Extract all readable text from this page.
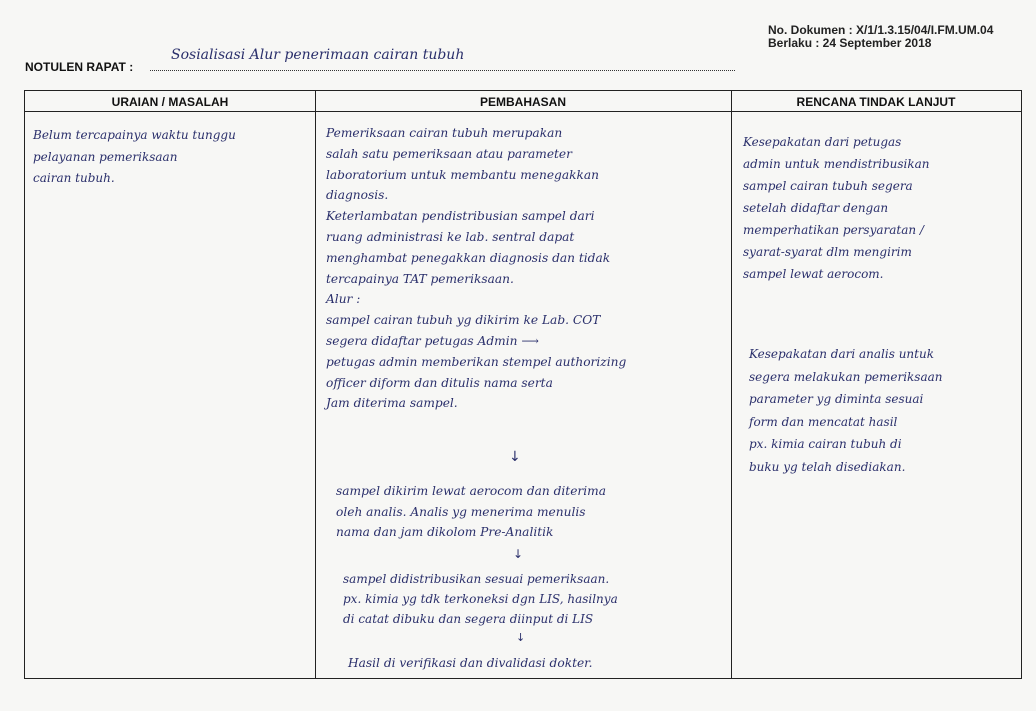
No. Dokumen : X/1/1.3.15/04/I.FM.UM.04
Berlaku : 24 September 2018
NOTULEN RAPAT :
Sosialisasi Alur penerimaan cairan tubuh
URAIAN / MASALAH	PEMBAHASAN	RENCANA TINDAK LANJUT
Belum tercapainya waktu tunggu
pelayanan pemeriksaan
cairan tubuh.
Pemeriksaan cairan tubuh merupakan
salah satu pemeriksaan atau parameter
laboratorium untuk membantu menegakkan
diagnosis.
Keterlambatan pendistribusian sampel dari
ruang administrasi ke lab. sentral dapat
menghambat penegakkan diagnosis dan tidak
tercapainya TAT pemeriksaan.
Alur :
sampel cairan tubuh yg dikirim ke Lab. COT
segera didaftar petugas Admin ⟶
petugas admin memberikan stempel authorizing
officer diform dan ditulis nama serta
Jam diterima sampel.
↓
sampel dikirim lewat aerocom dan diterima
oleh analis. Analis yg menerima menulis
nama dan jam dikolom Pre-Analitik
↓
sampel didistribusikan sesuai pemeriksaan.
px. kimia yg tdk terkoneksi dgn LIS, hasilnya
di catat dibuku dan segera diinput di LIS
↓
Hasil di verifikasi dan divalidasi dokter.
Kesepakatan dari petugas
admin untuk mendistribusikan
sampel cairan tubuh segera
setelah didaftar dengan
memperhatikan persyaratan /
syarat-syarat dlm mengirim
sampel lewat aerocom.
Kesepakatan dari analis untuk
segera melakukan pemeriksaan
parameter yg diminta sesuai
form dan mencatat hasil
px. kimia cairan tubuh di
buku yg telah disediakan.
